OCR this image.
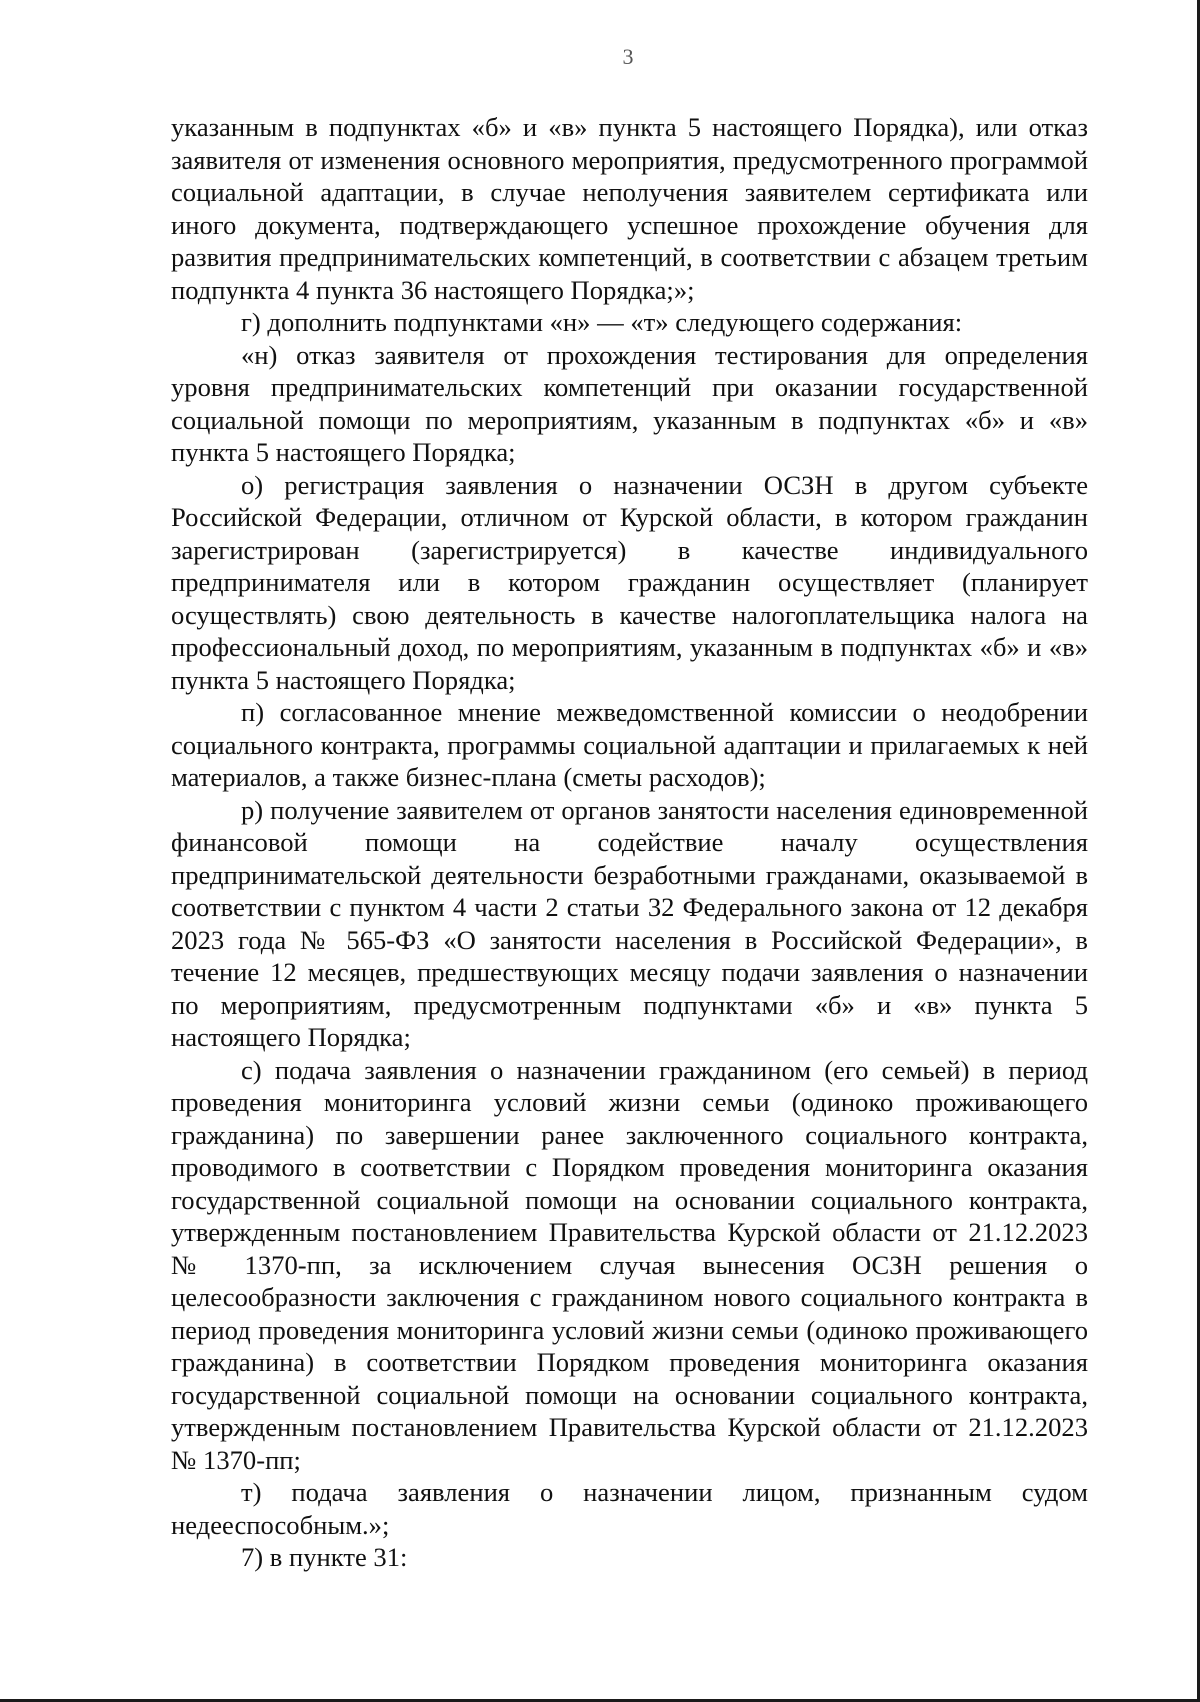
3

указанным в подпунктах «б» и «в» пункта 5 настоящего Порядка), или отказ заявителя от изменения основного мероприятия, предусмотренного программой социальной адаптации, в случае неполучения заявителем сертификата или иного документа, подтверждающего успешное прохождение обучения для развития предпринимательских компетенций, в соответствии с абзацем третьим подпункта 4 пункта 36 настоящего Порядка;»;

г) дополнить подпунктами «н» — «т» следующего содержания:

«н) отказ заявителя от прохождения тестирования для определения уровня предпринимательских компетенций при оказании государственной социальной помощи по мероприятиям, указанным в подпунктах «б» и «в» пункта 5 настоящего Порядка;

о) регистрация заявления о назначении ОСЗН в другом субъекте Российской Федерации, отличном от Курской области, в котором гражданин зарегистрирован (зарегистрируется) в качестве индивидуального предпринимателя или в котором гражданин осуществляет (планирует осуществлять) свою деятельность в качестве налогоплательщика налога на профессиональный доход, по мероприятиям, указанным в подпунктах «б» и «в» пункта 5 настоящего Порядка;

п) согласованное мнение межведомственной комиссии о неодобрении социального контракта, программы социальной адаптации и прилагаемых к ней материалов, а также бизнес-плана (сметы расходов);

р) получение заявителем от органов занятости населения единовременной финансовой помощи на содействие началу осуществления предпринимательской деятельности безработными гражданами, оказываемой в соответствии с пунктом 4 части 2 статьи 32 Федерального закона от 12 декабря 2023 года № 565-ФЗ «О занятости населения в Российской Федерации», в течение 12 месяцев, предшествующих месяцу подачи заявления о назначении по мероприятиям, предусмотренным подпунктами «б» и «в» пункта 5 настоящего Порядка;

с) подача заявления о назначении гражданином (его семьей) в период проведения мониторинга условий жизни семьи (одиноко проживающего гражданина) по завершении ранее заключенного социального контракта, проводимого в соответствии с Порядком проведения мониторинга оказания государственной социальной помощи на основании социального контракта, утвержденным постановлением Правительства Курской области от 21.12.2023 № 1370-пп, за исключением случая вынесения ОСЗН решения о целесообразности заключения с гражданином нового социального контракта в период проведения мониторинга условий жизни семьи (одиноко проживающего гражданина) в соответствии Порядком проведения мониторинга оказания государственной социальной помощи на основании социального контракта, утвержденным постановлением Правительства Курской области от 21.12.2023 № 1370-пп;

т) подача заявления о назначении лицом, признанным судом недееспособным.»;

7) в пункте 31:
